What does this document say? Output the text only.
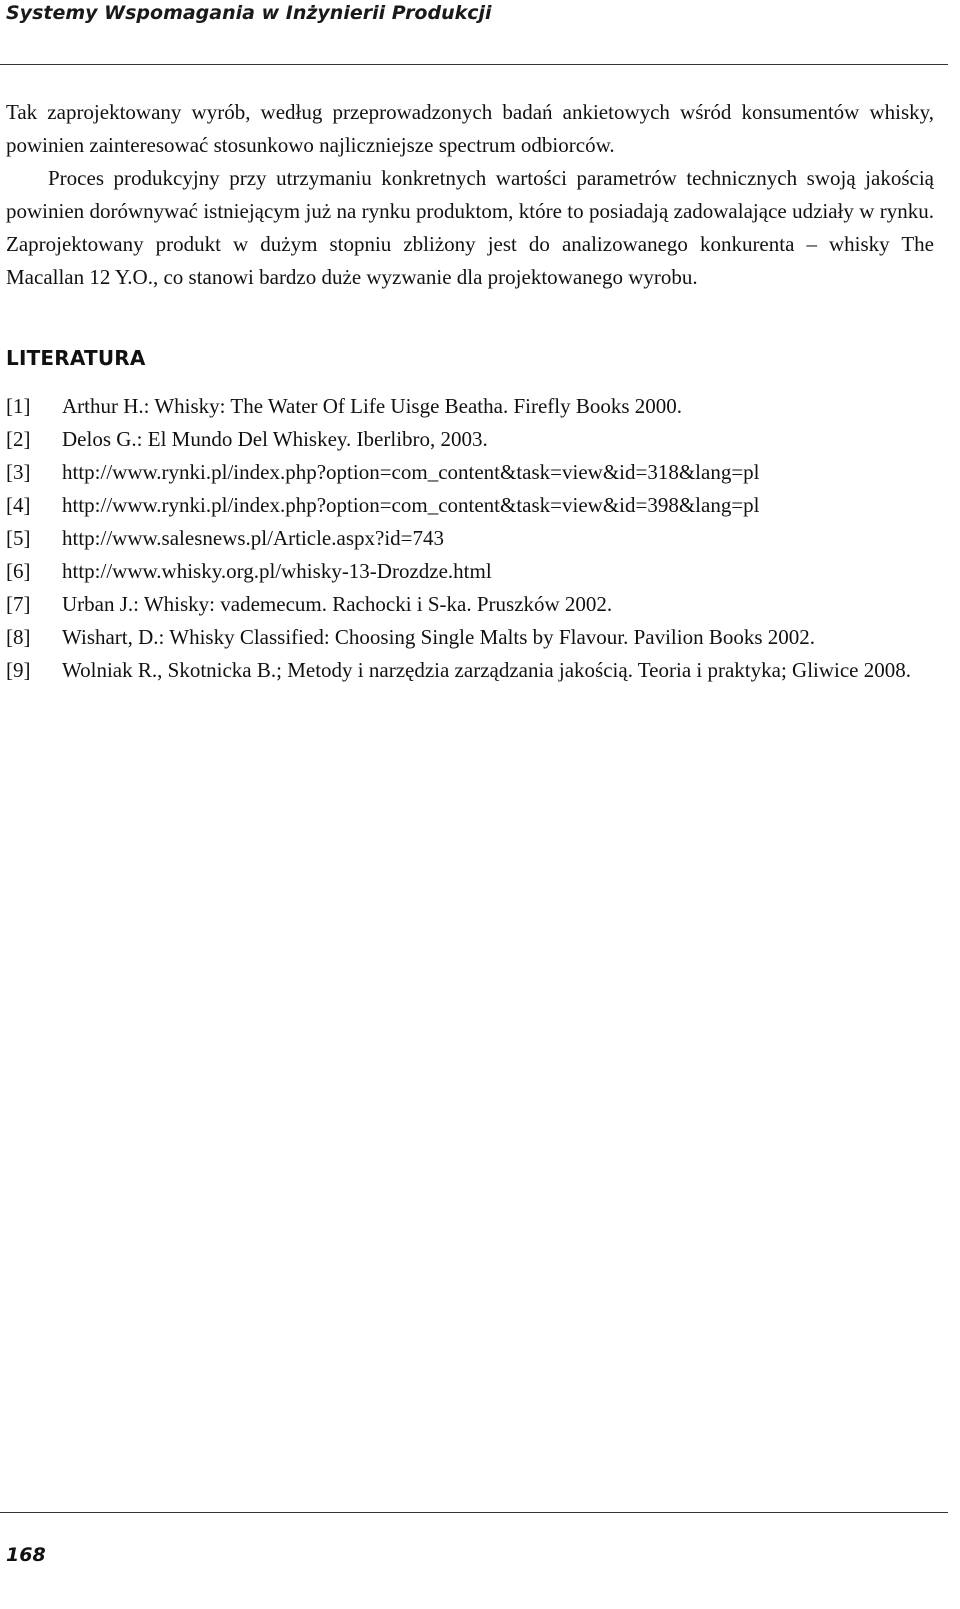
Systemy Wspomagania w Inżynierii Produkcji

Tak zaprojektowany wyrób, według przeprowadzonych badań ankietowych wśród konsumentów whisky, powinien zainteresować stosunkowo najliczniejsze spectrum odbiorców.

Proces produkcyjny przy utrzymaniu konkretnych wartości parametrów technicznych swoją jakością powinien dorównywać istniejącym już na rynku produktom, które to posiadają zadowalające udziały w rynku. Zaprojektowany produkt w dużym stopniu zbliżony jest do analizowanego konkurenta – whisky The Macallan 12 Y.O., co stanowi bardzo duże wyzwanie dla projektowanego wyrobu.

LITERATURA
[1]	Arthur H.: Whisky: The Water Of Life Uisge Beatha. Firefly Books 2000.
[2]	Delos G.: El Mundo Del Whiskey. Iberlibro, 2003.
[3]	http://www.rynki.pl/index.php?option=com_content&task=view&id=318&lang=pl
[4]	http://www.rynki.pl/index.php?option=com_content&task=view&id=398&lang=pl
[5]	http://www.salesnews.pl/Article.aspx?id=743
[6]	http://www.whisky.org.pl/whisky-13-Drozdze.html
[7]	Urban J.: Whisky: vademecum. Rachocki i S-ka. Pruszków 2002.
[8]	Wishart, D.: Whisky Classified: Choosing Single Malts by Flavour. Pavilion Books 2002.
[9]	Wolniak R., Skotnicka B.; Metody i narzędzia zarządzania jakością. Teoria i praktyka; Gliwice 2008.
168
